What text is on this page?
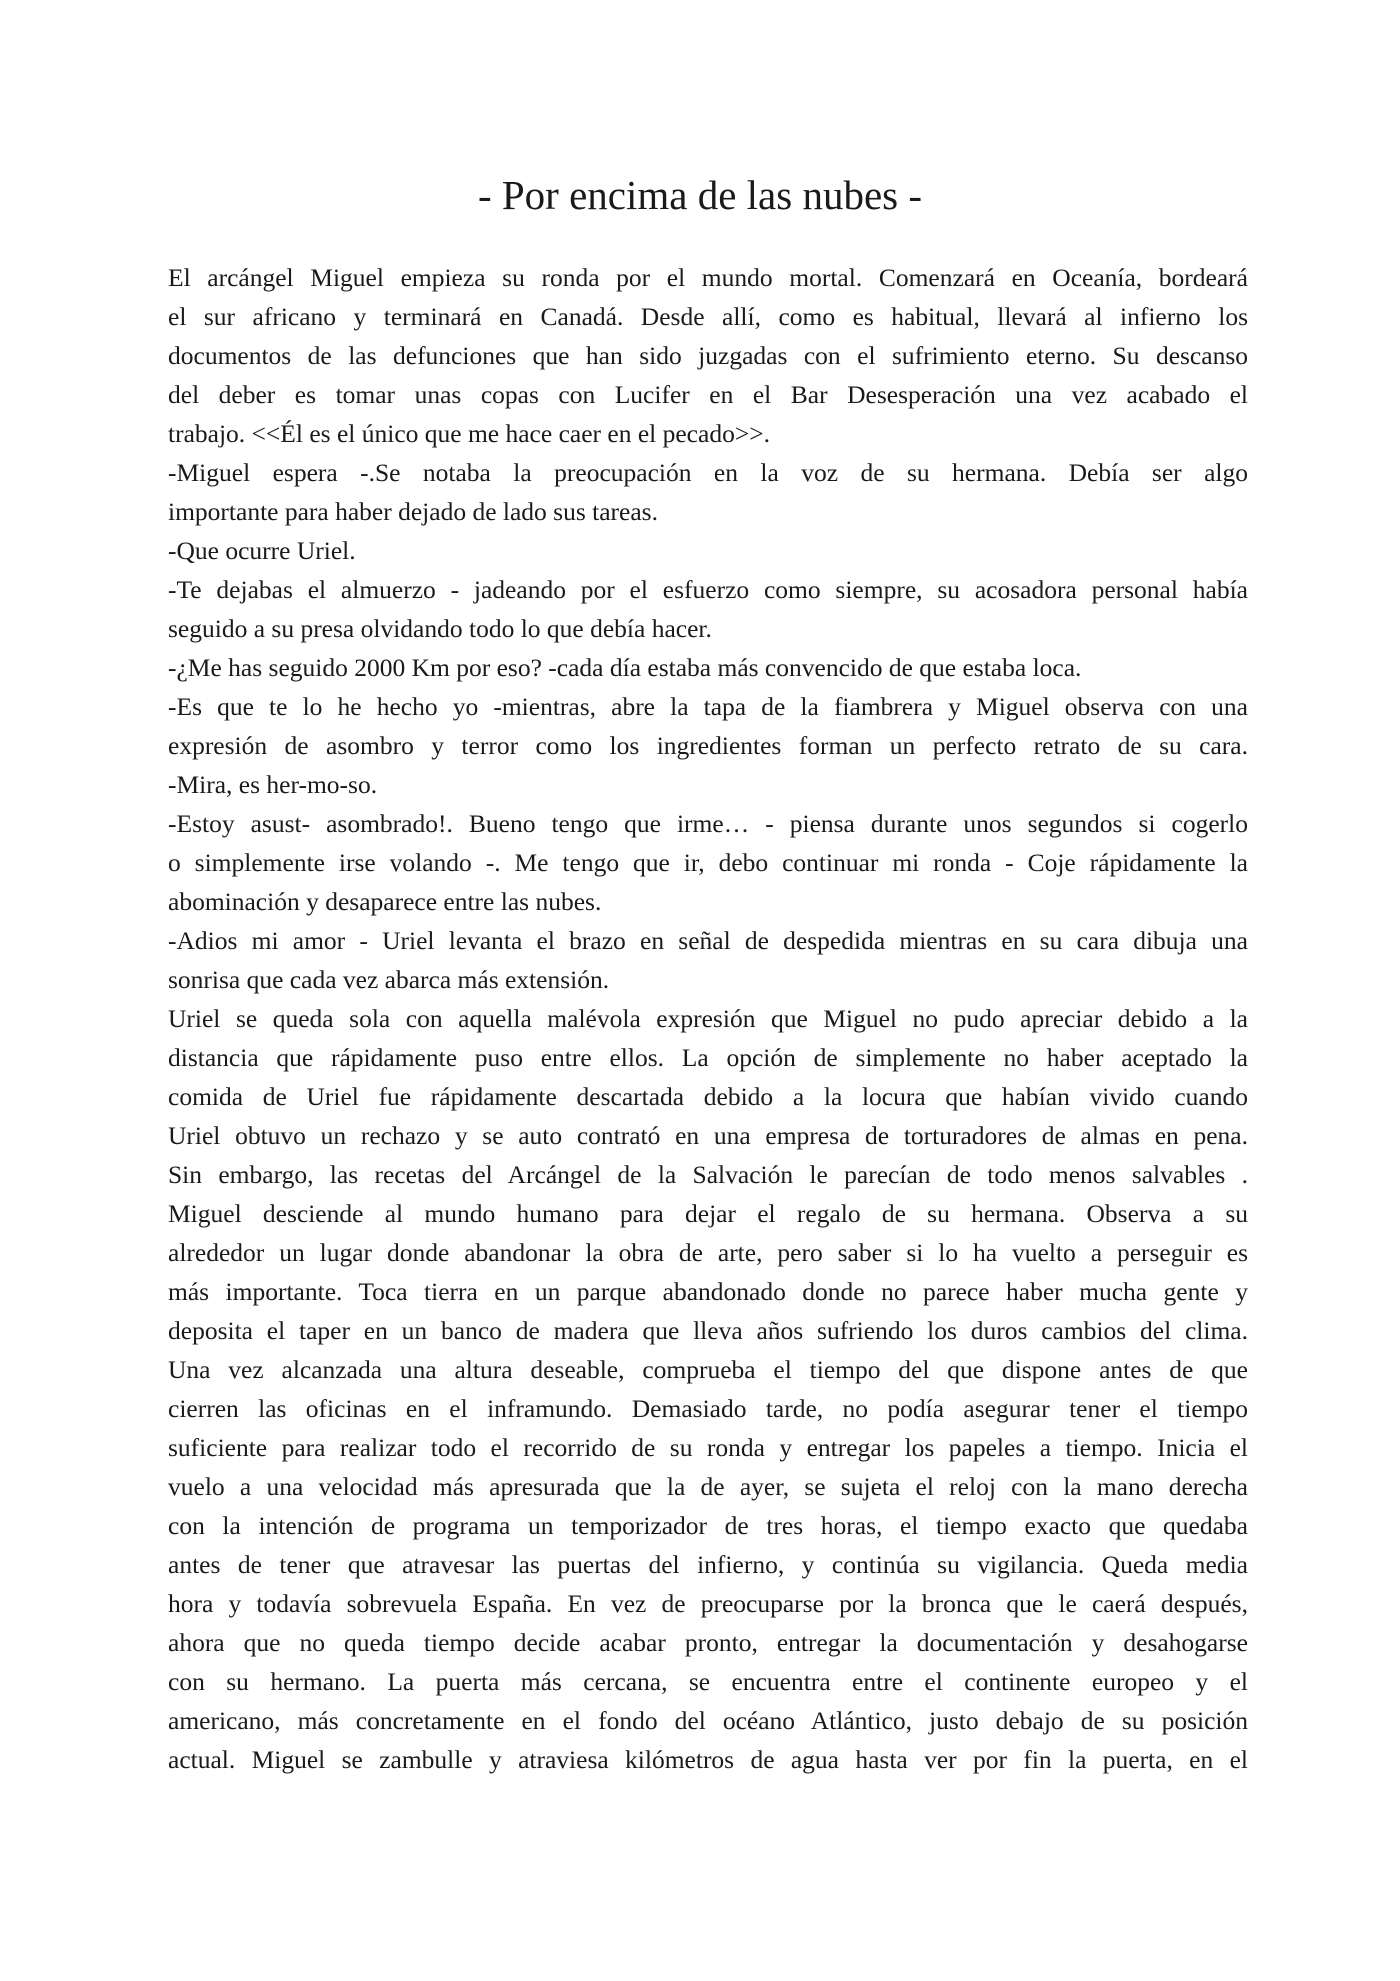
- Por encima de las nubes -
El arcángel Miguel empieza su ronda por el mundo mortal. Comenzará en Oceanía, bordeará
el sur africano y terminará en Canadá. Desde allí, como es habitual, llevará al infierno los
documentos de las defunciones que han sido juzgadas con el sufrimiento eterno. Su descanso
del deber es tomar unas copas con Lucifer en el Bar Desesperación una vez acabado el
trabajo. <<Él es el único que me hace caer en el pecado>>.
-Miguel espera -.Se notaba la preocupación en la voz de su hermana. Debía ser algo
importante para haber dejado de lado sus tareas.
-Que ocurre Uriel.
-Te dejabas el almuerzo - jadeando por el esfuerzo como siempre, su acosadora personal había
seguido a su presa olvidando todo lo que debía hacer.
-¿Me has seguido 2000 Km por eso? -cada día estaba más convencido de que estaba loca.
-Es que te lo he hecho yo -mientras, abre la tapa de la fiambrera y Miguel observa con una
expresión de asombro y terror como los ingredientes forman un perfecto retrato de su cara.
-Mira, es her-mo-so.
-Estoy asust- asombrado!. Bueno tengo que irme… - piensa durante unos segundos si cogerlo
o simplemente irse volando -. Me tengo que ir, debo continuar mi ronda - Coje rápidamente la
abominación y desaparece entre las nubes.
-Adios mi amor - Uriel levanta el brazo en señal de despedida mientras en su cara dibuja una
sonrisa que cada vez abarca más extensión.
Uriel se queda sola con aquella malévola expresión que Miguel no pudo apreciar debido a la
distancia que rápidamente puso entre ellos. La opción de simplemente no haber aceptado la
comida de Uriel fue rápidamente descartada debido a la locura que habían vivido cuando
Uriel obtuvo un rechazo y se auto contrató en una empresa de torturadores de almas en pena.
Sin embargo, las recetas del Arcángel de la Salvación le parecían de todo menos salvables .
Miguel desciende al mundo humano para dejar el regalo de su hermana. Observa a su
alrededor un lugar donde abandonar la obra de arte, pero saber si lo ha vuelto a perseguir es
más importante. Toca tierra en un parque abandonado donde no parece haber mucha gente y
deposita el taper en un banco de madera que lleva años sufriendo los duros cambios del clima.
Una vez alcanzada una altura deseable, comprueba el tiempo del que dispone antes de que
cierren las oficinas en el inframundo. Demasiado tarde, no podía asegurar tener el tiempo
suficiente para realizar todo el recorrido de su ronda y entregar los papeles a tiempo. Inicia el
vuelo a una velocidad más apresurada que la de ayer, se sujeta el reloj con la mano derecha
con la intención de programa un temporizador de tres horas, el tiempo exacto que quedaba
antes de tener que atravesar las puertas del infierno, y continúa su vigilancia. Queda media
hora y todavía sobrevuela España. En vez de preocuparse por la bronca que le caerá después,
ahora que no queda tiempo decide acabar pronto, entregar la documentación y desahogarse
con su hermano. La puerta más cercana, se encuentra entre el continente europeo y el
americano, más concretamente en el fondo del océano Atlántico, justo debajo de su posición
actual. Miguel se zambulle y atraviesa kilómetros de agua hasta ver por fin la puerta, en el
